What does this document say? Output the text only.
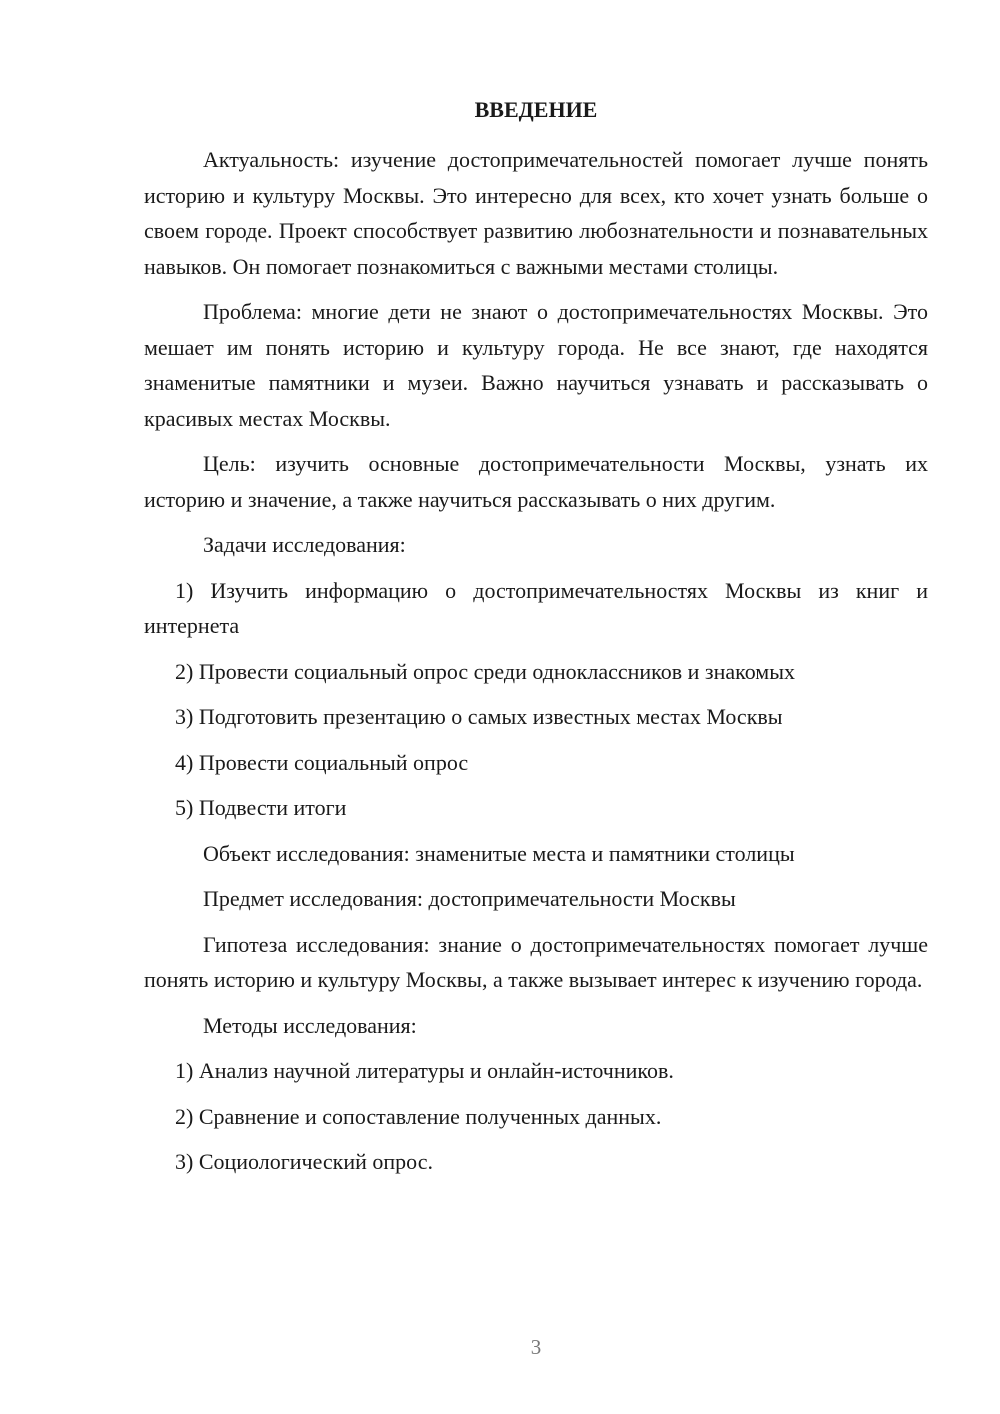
ВВЕДЕНИЕ

Актуальность: изучение достопримечательностей помогает лучше понять историю и культуру Москвы. Это интересно для всех, кто хочет узнать больше о своем городе. Проект способствует развитию любознательности и познавательных навыков. Он помогает познакомиться с важными местами столицы.

Проблема: многие дети не знают о достопримечательностях Москвы. Это мешает им понять историю и культуру города. Не все знают, где находятся знаменитые памятники и музеи. Важно научиться узнавать и рассказывать о красивых местах Москвы.

Цель: изучить основные достопримечательности Москвы, узнать их историю и значение, а также научиться рассказывать о них другим.

Задачи исследования:

1) Изучить информацию о достопримечательностях Москвы из книг и интернета

2) Провести социальный опрос среди одноклассников и знакомых

3) Подготовить презентацию о самых известных местах Москвы

4) Провести социальный опрос

5) Подвести итоги

Объект исследования: знаменитые места и памятники столицы

Предмет исследования: достопримечательности Москвы

Гипотеза исследования: знание о достопримечательностях помогает лучше понять историю и культуру Москвы, а также вызывает интерес к изучению города.

Методы исследования:

1) Анализ научной литературы и онлайн-источников.

2) Сравнение и сопоставление полученных данных.

3) Социологический опрос.

3
